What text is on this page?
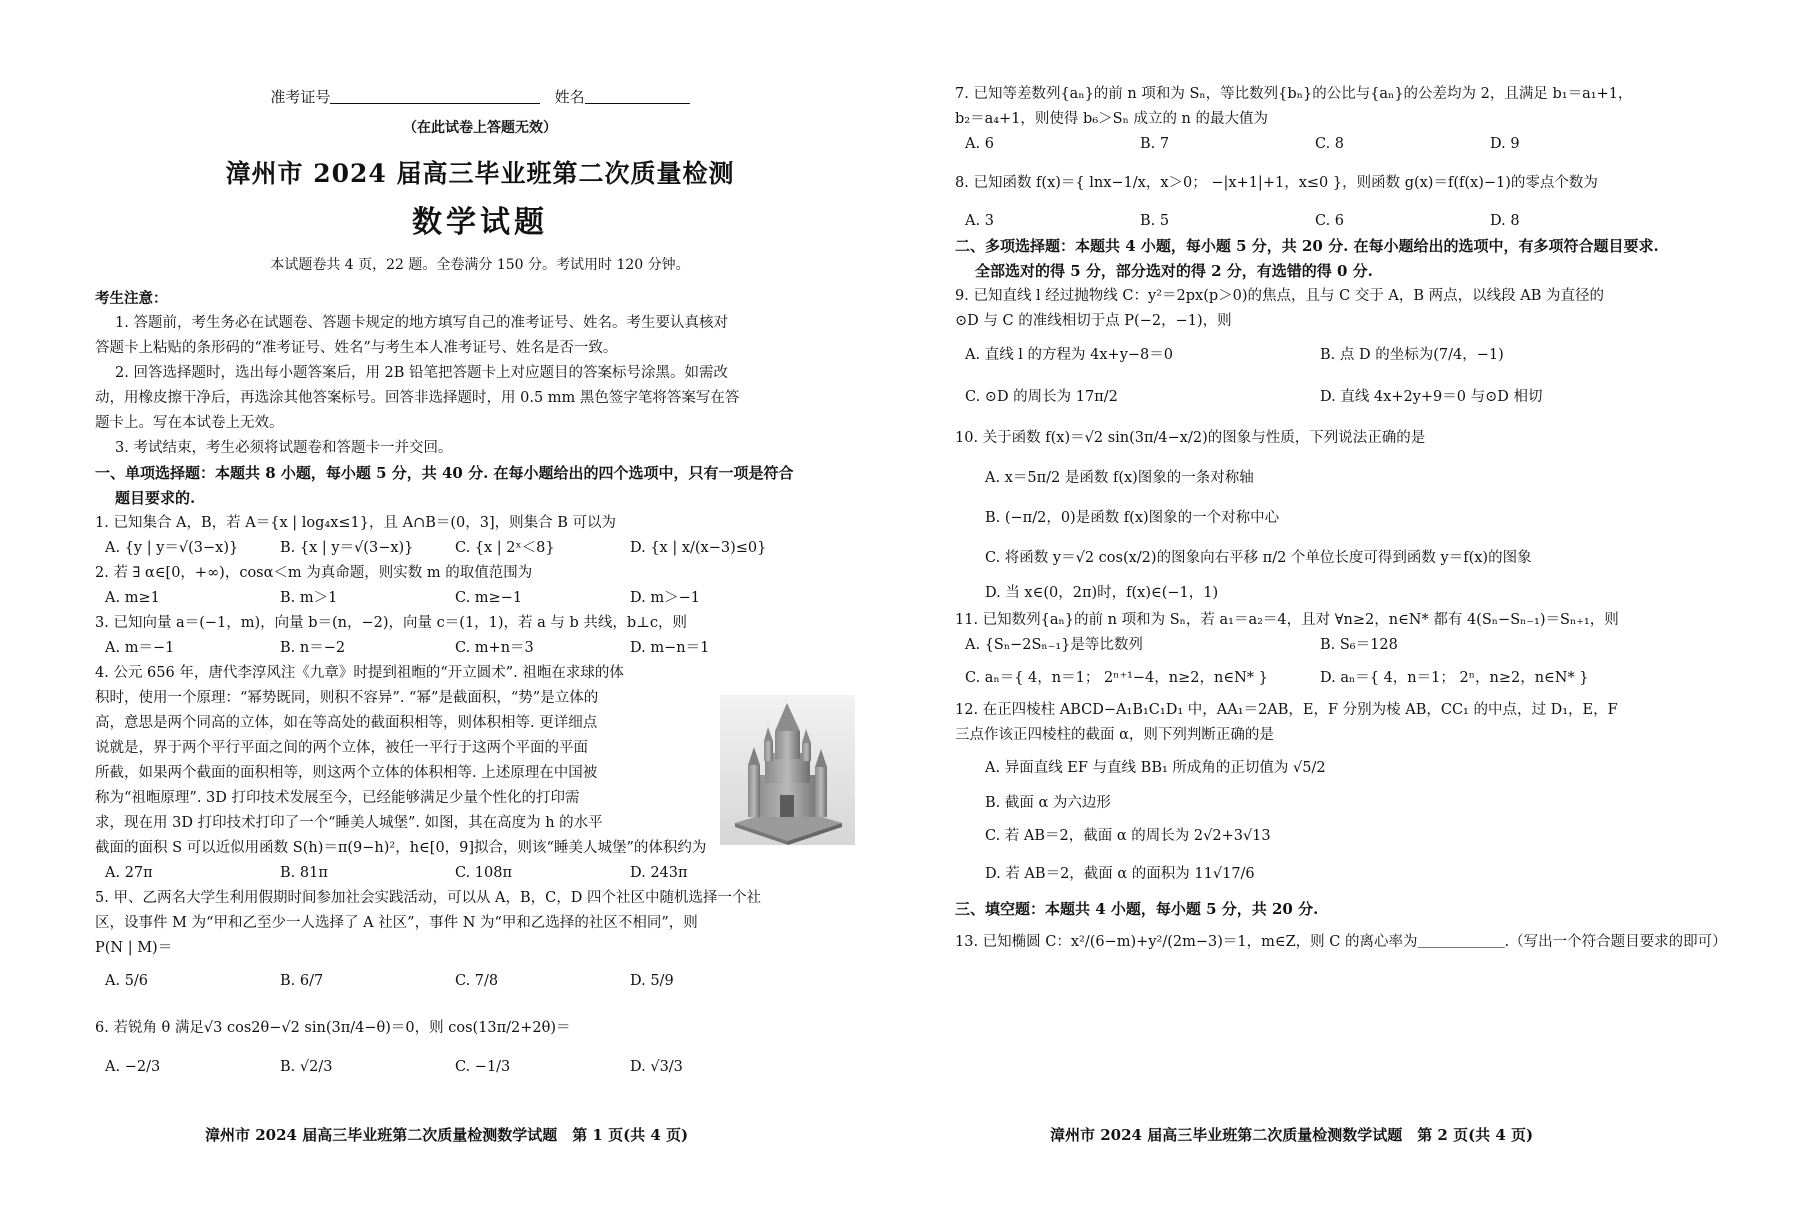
准考证号	姓名
（在此试卷上答题无效）
漳州市 2024 届高三毕业班第二次质量检测
数学试题
本试题卷共 4 页，22 题。全卷满分 150 分。考试用时 120 分钟。
考生注意：
1. 答题前，考生务必在试题卷、答题卡规定的地方填写自己的准考证号、姓名。考生要认真核对
答题卡上粘贴的条形码的“准考证号、姓名”与考生本人准考证号、姓名是否一致。
2. 回答选择题时，选出每小题答案后，用 2B 铅笔把答题卡上对应题目的答案标号涂黑。如需改
动，用橡皮擦干净后，再选涂其他答案标号。回答非选择题时，用 0.5 mm 黑色签字笔将答案写在答
题卡上。写在本试卷上无效。
3. 考试结束，考生必须将试题卷和答题卡一并交回。
一、单项选择题：本题共 8 小题，每小题 5 分，共 40 分. 在每小题给出的四个选项中，只有一项是符合
题目要求的.
1. 已知集合 A，B，若 A＝{x | log₄x≤1}，且 A∩B＝(0，3]，则集合 B 可以为
A. {y | y＝√(3−x)}	B. {x | y＝√(3−x)}	C. {x | 2ˣ＜8}	D. {x | x/(x−3)≤0}
2. 若 ∃ α∈[0，+∞)，cosα＜m 为真命题，则实数 m 的取值范围为
A. m≥1	B. m＞1	C. m≥−1	D. m＞−1
3. 已知向量 a＝(−1，m)，向量 b＝(n，−2)，向量 c＝(1，1)，若 a 与 b 共线，b⊥c，则
A. m＝−1	B. n＝−2	C. m+n＝3	D. m−n＝1
4. 公元 656 年，唐代李淳风注《九章》时提到祖暅的“开立圆术”. 祖暅在求球的体
积时，使用一个原理：“幂势既同，则积不容异”. “幂”是截面积，“势”是立体的
高，意思是两个同高的立体，如在等高处的截面积相等，则体积相等. 更详细点
说就是，界于两个平行平面之间的两个立体，被任一平行于这两个平面的平面
所截，如果两个截面的面积相等，则这两个立体的体积相等. 上述原理在中国被
称为“祖暅原理”. 3D 打印技术发展至今，已经能够满足少量个性化的打印需
求，现在用 3D 打印技术打印了一个“睡美人城堡”. 如图，其在高度为 h 的水平
截面的面积 S 可以近似用函数 S(h)＝π(9−h)²，h∈[0，9]拟合，则该“睡美人城堡”的体积约为
A. 27π	B. 81π	C. 108π	D. 243π
5. 甲、乙两名大学生利用假期时间参加社会实践活动，可以从 A，B，C，D 四个社区中随机选择一个社
区，设事件 M 为“甲和乙至少一人选择了 A 社区”，事件 N 为“甲和乙选择的社区不相同”，则
P(N | M)＝
A. 5/6	B. 6/7	C. 7/8	D. 5/9
6. 若锐角 θ 满足√3 cos2θ−√2 sin(3π/4−θ)＝0，则 cos(13π/2+2θ)＝
A. −2/3	B. √2/3	C. −1/3	D. √3/3
漳州市 2024 届高三毕业班第二次质量检测数学试题　第 1 页(共 4 页)
7. 已知等差数列{aₙ}的前 n 项和为 Sₙ，等比数列{bₙ}的公比与{aₙ}的公差均为 2，且满足 b₁＝a₁+1，
b₂＝a₄+1，则使得 b₆＞Sₙ 成立的 n 的最大值为
A. 6	B. 7	C. 8	D. 9
8. 已知函数 f(x)＝{ lnx−1/x，x＞0； −|x+1|+1，x≤0 }，则函数 g(x)＝f(f(x)−1)的零点个数为
A. 3	B. 5	C. 6	D. 8
二、多项选择题：本题共 4 小题，每小题 5 分，共 20 分. 在每小题给出的选项中，有多项符合题目要求.
全部选对的得 5 分，部分选对的得 2 分，有选错的得 0 分.
9. 已知直线 l 经过抛物线 C：y²＝2px(p＞0)的焦点，且与 C 交于 A，B 两点，以线段 AB 为直径的
⊙D 与 C 的准线相切于点 P(−2，−1)，则
A. 直线 l 的方程为 4x+y−8＝0	B. 点 D 的坐标为(7/4，−1)
C. ⊙D 的周长为 17π/2	D. 直线 4x+2y+9＝0 与⊙D 相切
10. 关于函数 f(x)＝√2 sin(3π/4−x/2)的图象与性质，下列说法正确的是
A. x＝5π/2 是函数 f(x)图象的一条对称轴
B. (−π/2，0)是函数 f(x)图象的一个对称中心
C. 将函数 y＝√2 cos(x/2)的图象向右平移 π/2 个单位长度可得到函数 y＝f(x)的图象
D. 当 x∈(0，2π)时，f(x)∈(−1，1)
11. 已知数列{aₙ}的前 n 项和为 Sₙ，若 a₁＝a₂＝4，且对 ∀n≥2，n∈N* 都有 4(Sₙ−Sₙ₋₁)＝Sₙ₊₁，则
A. {Sₙ−2Sₙ₋₁}是等比数列	B. S₆＝128
C. aₙ＝{ 4，n＝1； 2ⁿ⁺¹−4，n≥2，n∈N* }	D. aₙ＝{ 4，n＝1； 2ⁿ，n≥2，n∈N* }
12. 在正四棱柱 ABCD−A₁B₁C₁D₁ 中，AA₁＝2AB，E，F 分别为棱 AB，CC₁ 的中点，过 D₁，E，F
三点作该正四棱柱的截面 α，则下列判断正确的是
A. 异面直线 EF 与直线 BB₁ 所成角的正切值为 √5/2
B. 截面 α 为六边形
C. 若 AB＝2，截面 α 的周长为 2√2+3√13
D. 若 AB＝2，截面 α 的面积为 11√17/6
三、填空题：本题共 4 小题，每小题 5 分，共 20 分.
13. 已知椭圆 C：x²/(6−m)+y²/(2m−3)＝1，m∈Z，则 C 的离心率为＿＿＿＿＿＿.（写出一个符合题目要求的即可）
漳州市 2024 届高三毕业班第二次质量检测数学试题　第 2 页(共 4 页)
